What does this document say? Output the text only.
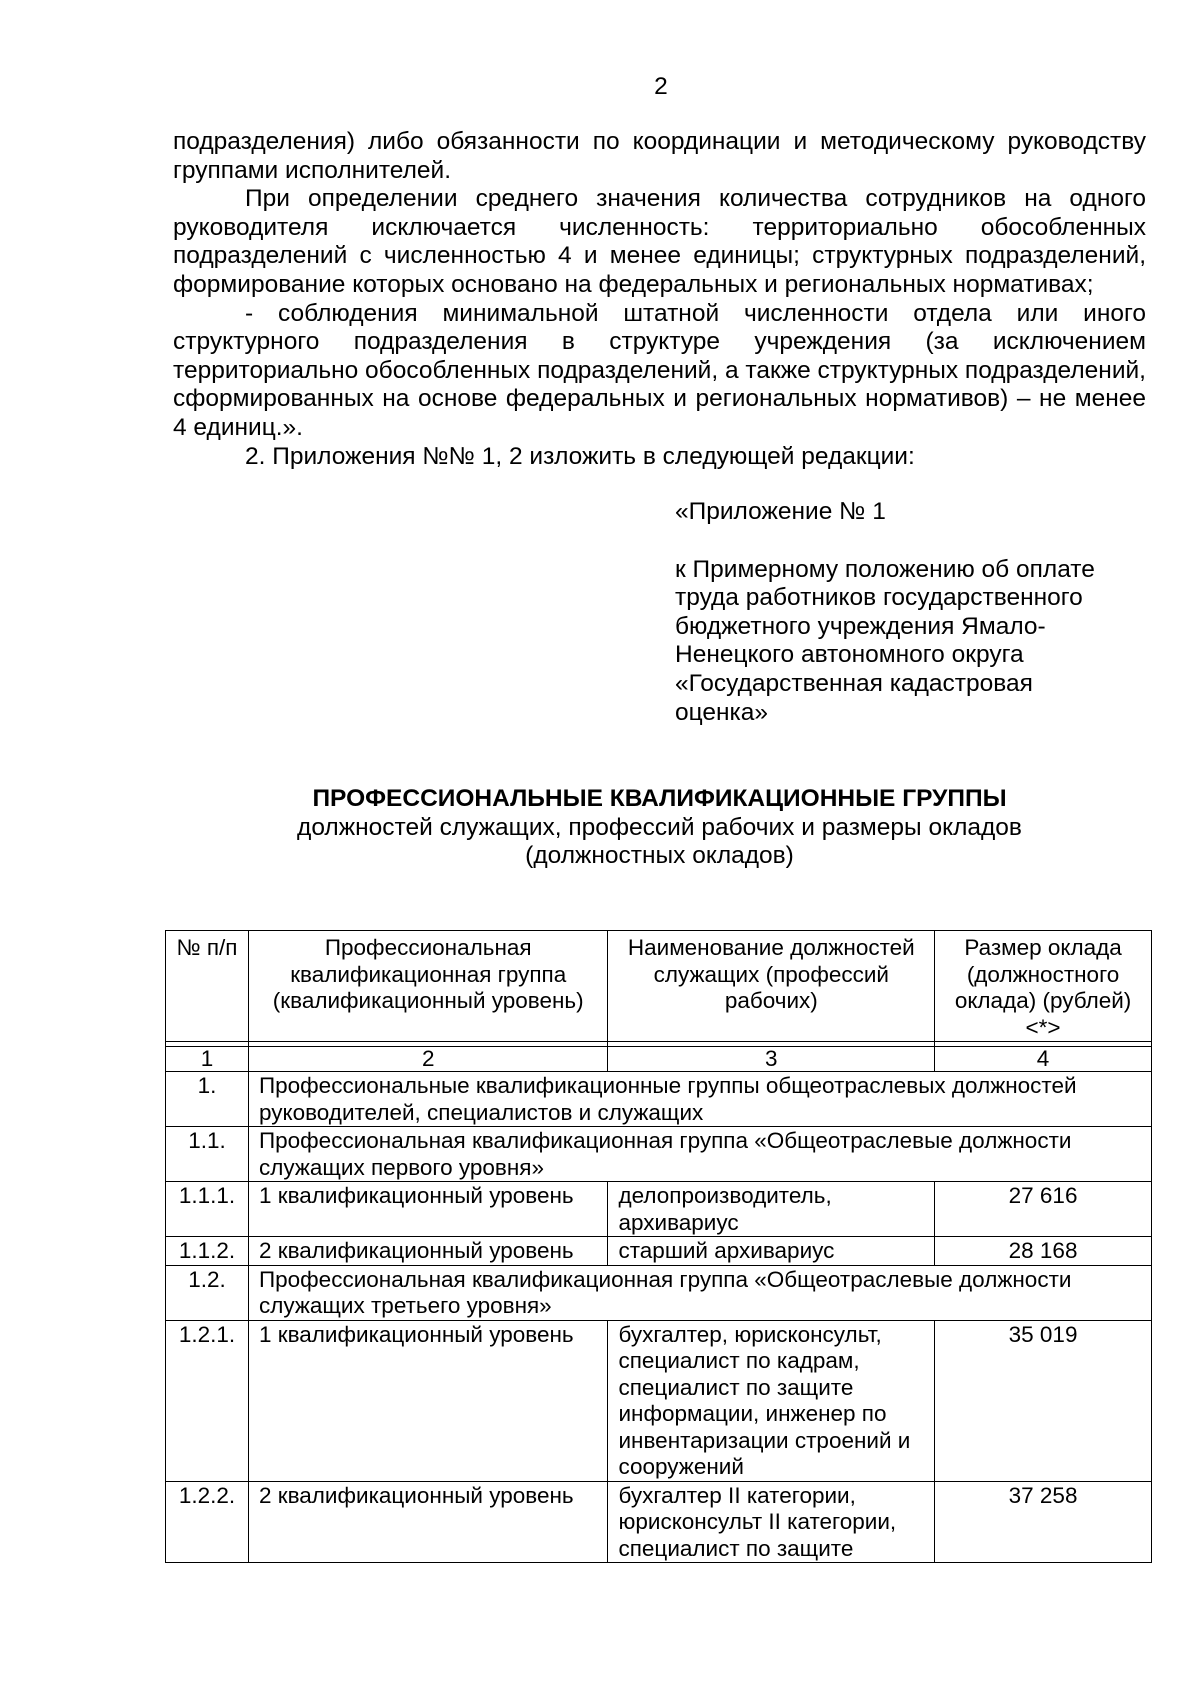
2

подразделения) либо обязанности по координации и методическому руководству группами исполнителей.

При определении среднего значения количества сотрудников на одного руководителя исключается численность: территориально обособленных подразделений с численностью 4 и менее единицы; структурных подразделений, формирование которых основано на федеральных и региональных нормативах;

- соблюдения минимальной штатной численности отдела или иного структурного подразделения в структуре учреждения (за исключением территориально обособленных подразделений, а также структурных подразделений, сформированных на основе федеральных и региональных нормативов) – не менее 4 единиц.».

2. Приложения №№ 1, 2 изложить в следующей редакции:

«Приложение № 1

к Примерному положению об оплате

труда работников государственного

бюджетного учреждения Ямало-

Ненецкого автономного округа

«Государственная кадастровая

оценка»

ПРОФЕССИОНАЛЬНЫЕ КВАЛИФИКАЦИОННЫЕ ГРУППЫ

должностей служащих, профессий рабочих и размеры окладов

(должностных окладов)

№ п/п	Профессиональная квалификационная группа (квалификационный уровень)	Наименование должностей служащих (профессий рабочих)	Размер оклада (должностного оклада) (рублей) <*>

1	2	3	4
1.	Профессиональные квалификационные группы общеотраслевых должностей руководителей, специалистов и служащих		
1.1.	Профессиональная квалификационная группа «Общеотраслевые должности служащих первого уровня»		
1.1.1.	1 квалификационный уровень	делопроизводитель, архивариус	27 616
1.1.2.	2 квалификационный уровень	старший архивариус	28 168
1.2.	Профессиональная квалификационная группа «Общеотраслевые должности служащих третьего уровня»		
1.2.1.	1 квалификационный уровень	бухгалтер, юрисконсульт, специалист по кадрам, специалист по защите информации, инженер по инвентаризации строений и сооружений	35 019
1.2.2.	2 квалификационный уровень	бухгалтер II категории, юрисконсульт II категории, специалист по защите	37 258
